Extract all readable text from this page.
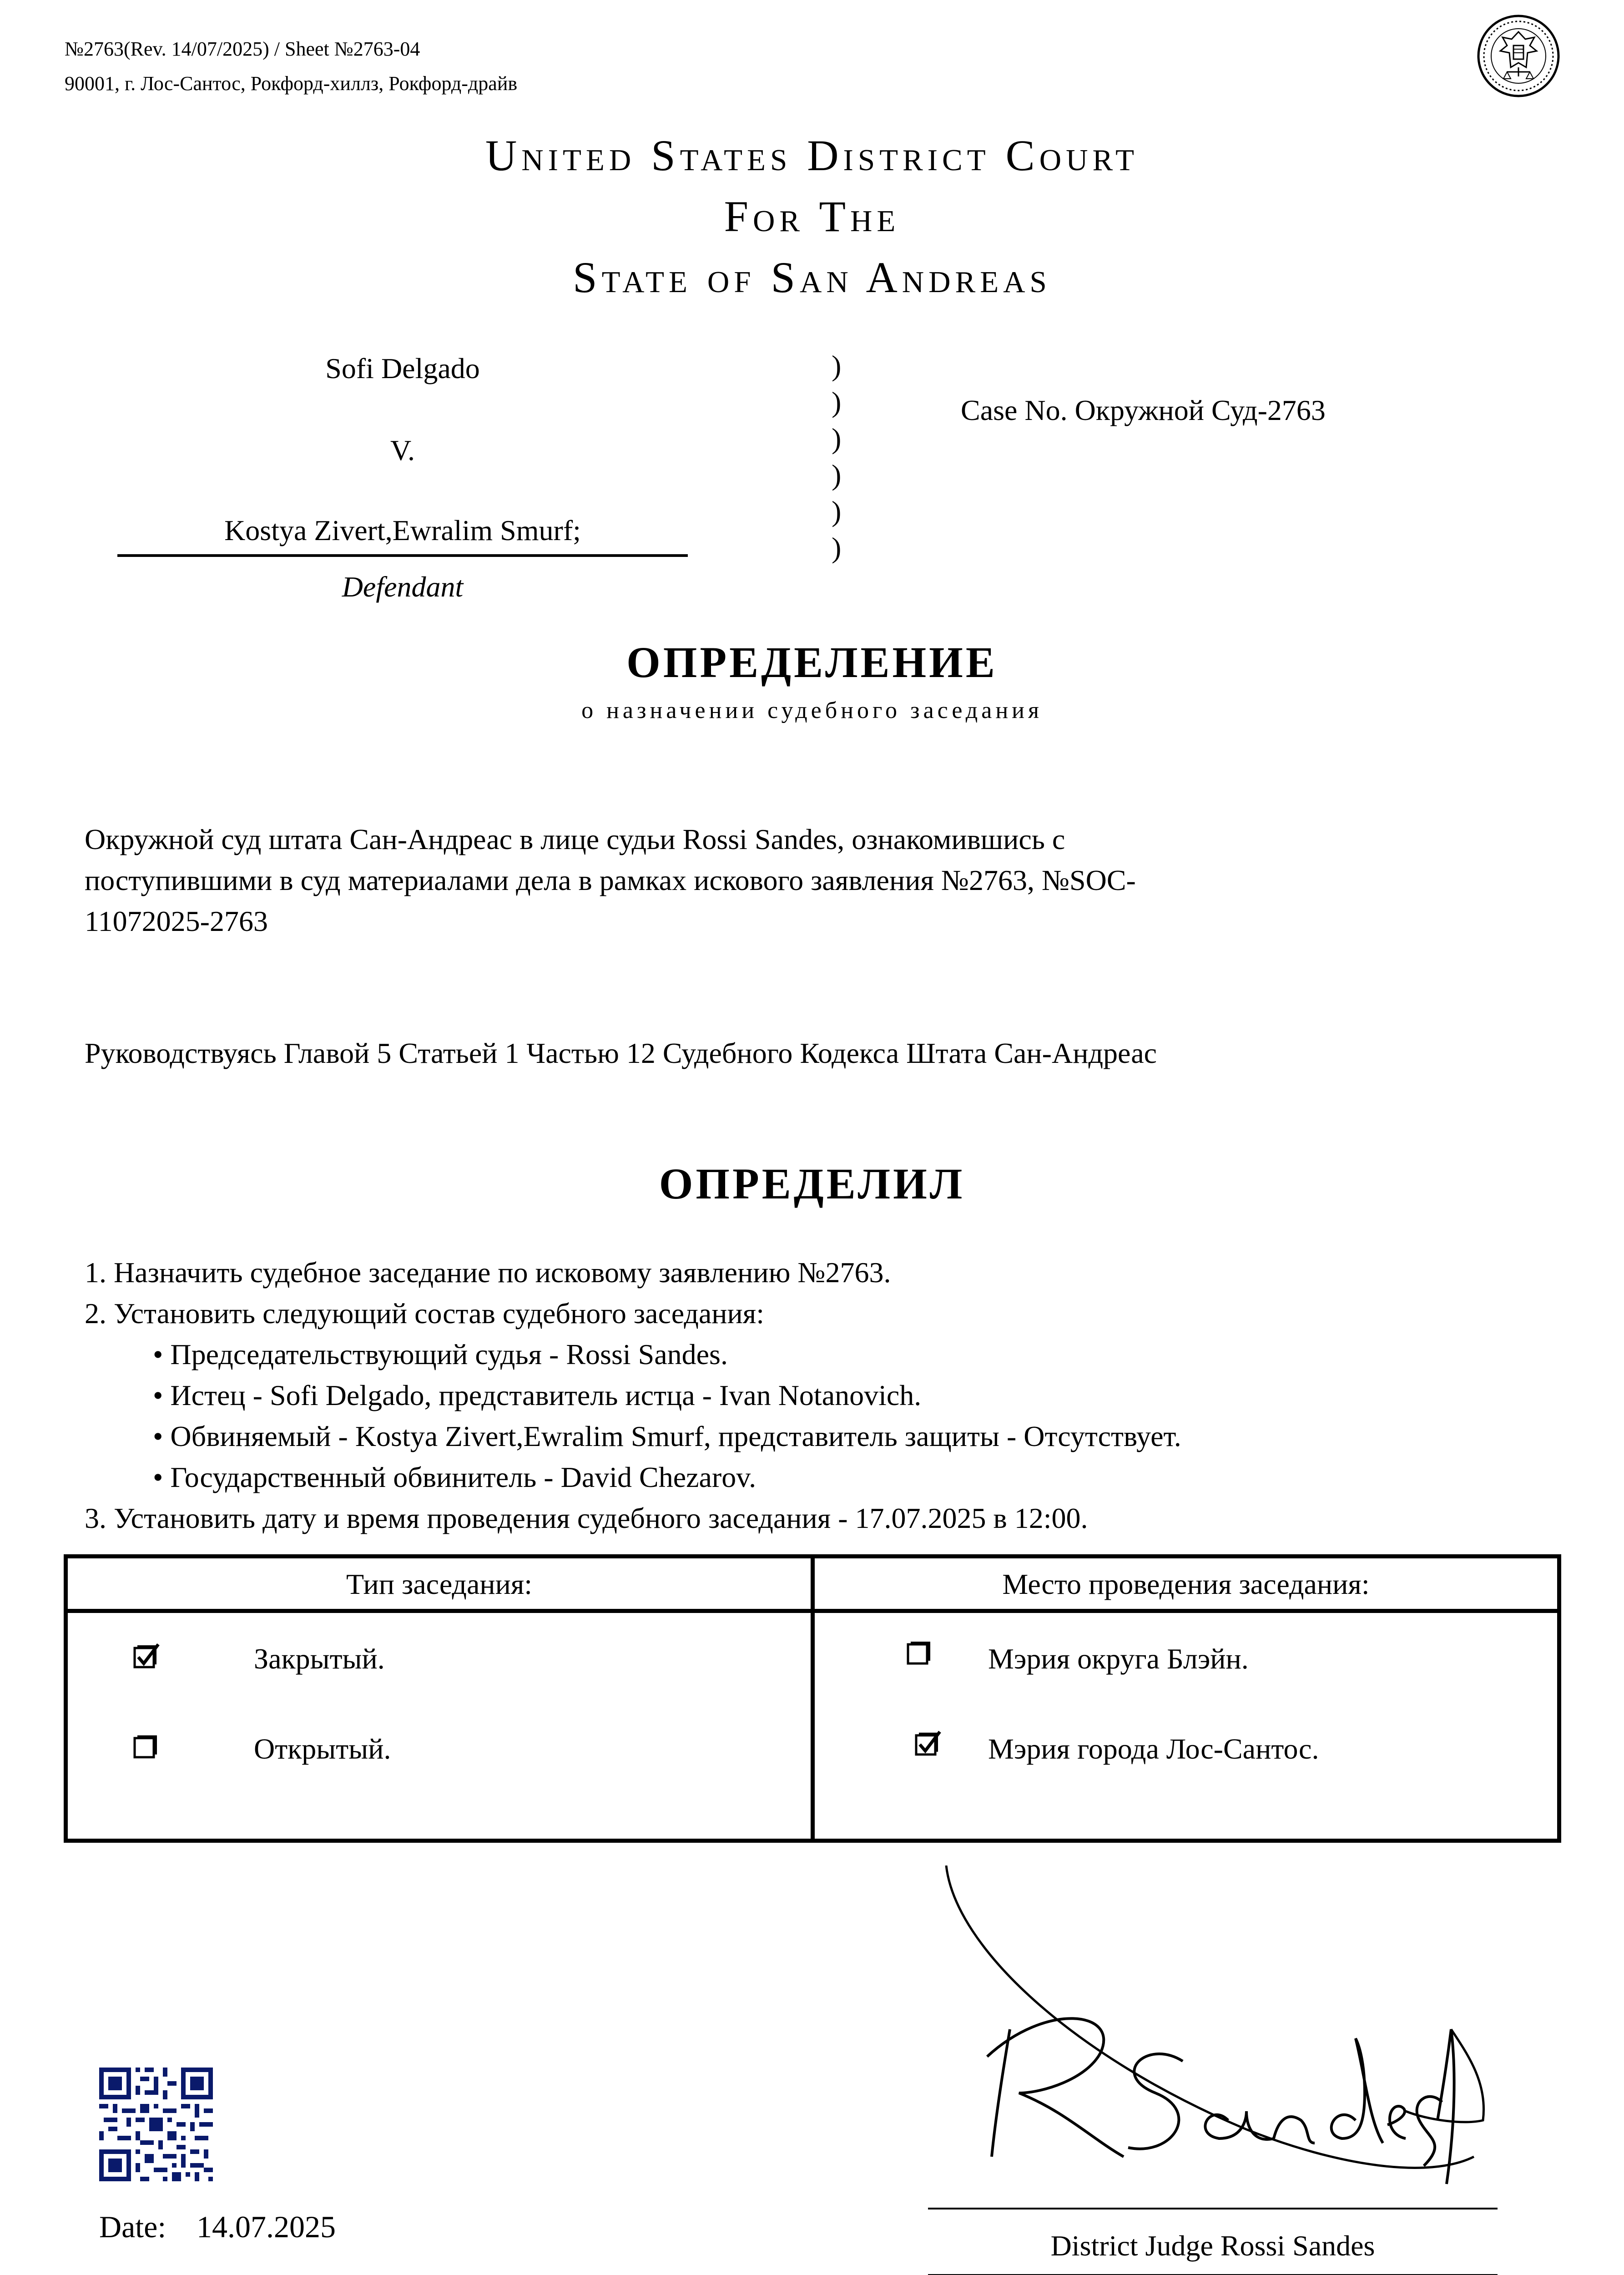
№2763(Rev. 14/07/2025) / Sheet №2763-04
90001, г. Лос-Сантос, Рокфорд-хиллз, Рокфорд-драйв
United States District Court
For The
State of San Andreas
Sofi Delgado
V.
Kostya Zivert,Ewralim Smurf;
Defendant
)
)
)
)
)
)
Case No. Окружной Суд-2763
ОПРЕДЕЛЕНИЕ
о назначении судебного заседания
Окружной суд штата Сан-Андреас в лице судьи Rossi Sandes, ознакомившись с
поступившими в суд материалами дела в рамках искового заявления №2763, №SOC-
11072025-2763
Руководствуясь Главой 5 Статьей 1 Частью 12 Судебного Кодекса Штата Сан-Андреас
ОПРЕДЕЛИЛ
1. Назначить судебное заседание по исковому заявлению №2763.
2. Установить следующий состав судебного заседания:
• Председательствующий судья - Rossi Sandes.
• Истец - Sofi Delgado, представитель истца - Ivan Notanovich.
• Обвиняемый - Kostya Zivert,Ewralim Smurf, представитель защиты - Отсутствует.
• Государственный обвинитель - David Chezarov.
3. Установить дату и время проведения судебного заседания - 17.07.2025 в 12:00.
Тип заседания:	Место проведения заседания:
Закрытый.
Открытый.
Мэрия округа Блэйн.
Мэрия города Лос-Сантос.
Date: 14.07.2025
District Judge Rossi Sandes
